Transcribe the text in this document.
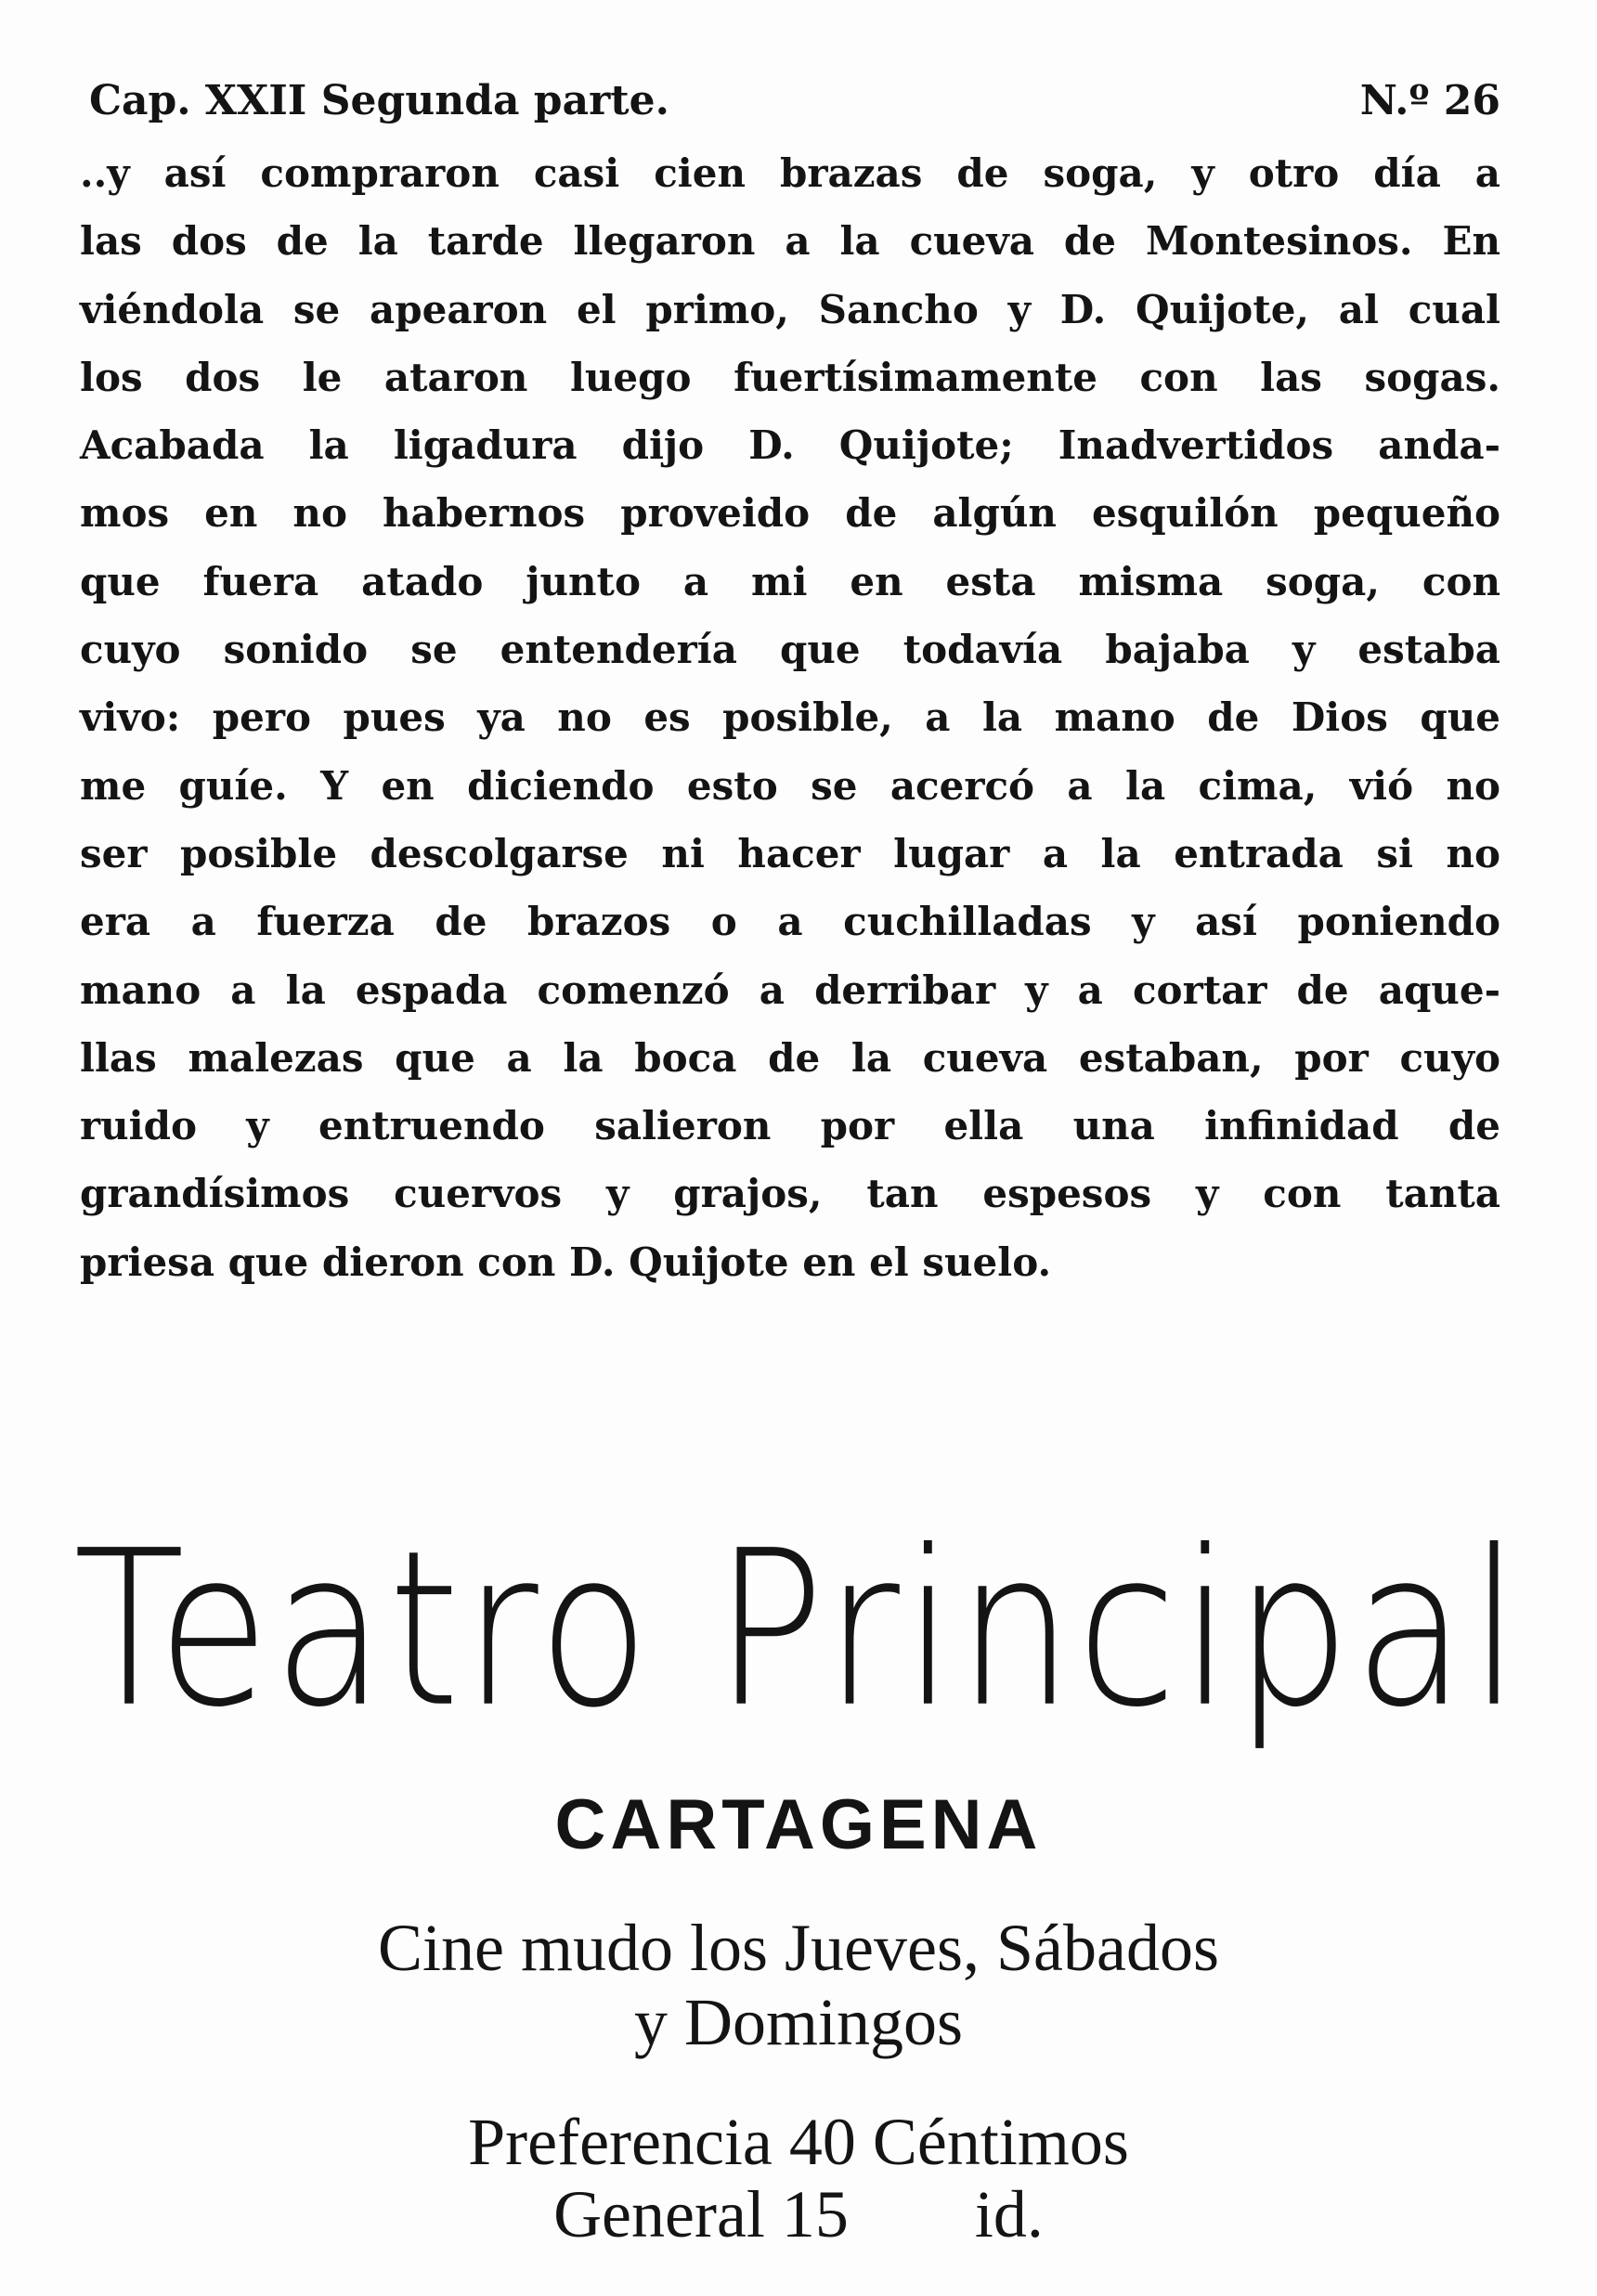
Cap. XXII Segunda parte.	N.º 26
..y así compraron casi cien brazas de soga, y otro día a
las dos de la tarde llegaron a la cueva de Montesinos. En
viéndola se apearon el primo, Sancho y D. Quijote, al cual
los dos le ataron luego fuertísimamente con las sogas.
Acabada la ligadura dijo D. Quijote; Inadvertidos anda-
mos en no habernos proveido de algún esquilón pequeño
que fuera atado junto a mi en esta misma soga, con
cuyo sonido se entendería que todavía bajaba y estaba
vivo: pero pues ya no es posible, a la mano de Dios que
me guíe. Y en diciendo esto se acercó a la cima, vió no
ser posible descolgarse ni hacer lugar a la entrada si no
era a fuerza de brazos o a cuchilladas y así poniendo
mano a la espada comenzó a derribar y a cortar de aque-
llas malezas que a la boca de la cueva estaban, por cuyo
ruido y entruendo salieron por ella una infinidad de
grandísimos cuervos y grajos, tan espesos y con tanta
priesa que dieron con D. Quijote en el suelo.
Teatro Principal
CARTAGENA
Cine mudo los Jueves, Sábados
y Domingos
Preferencia 40 Céntimos
General 15 id.
